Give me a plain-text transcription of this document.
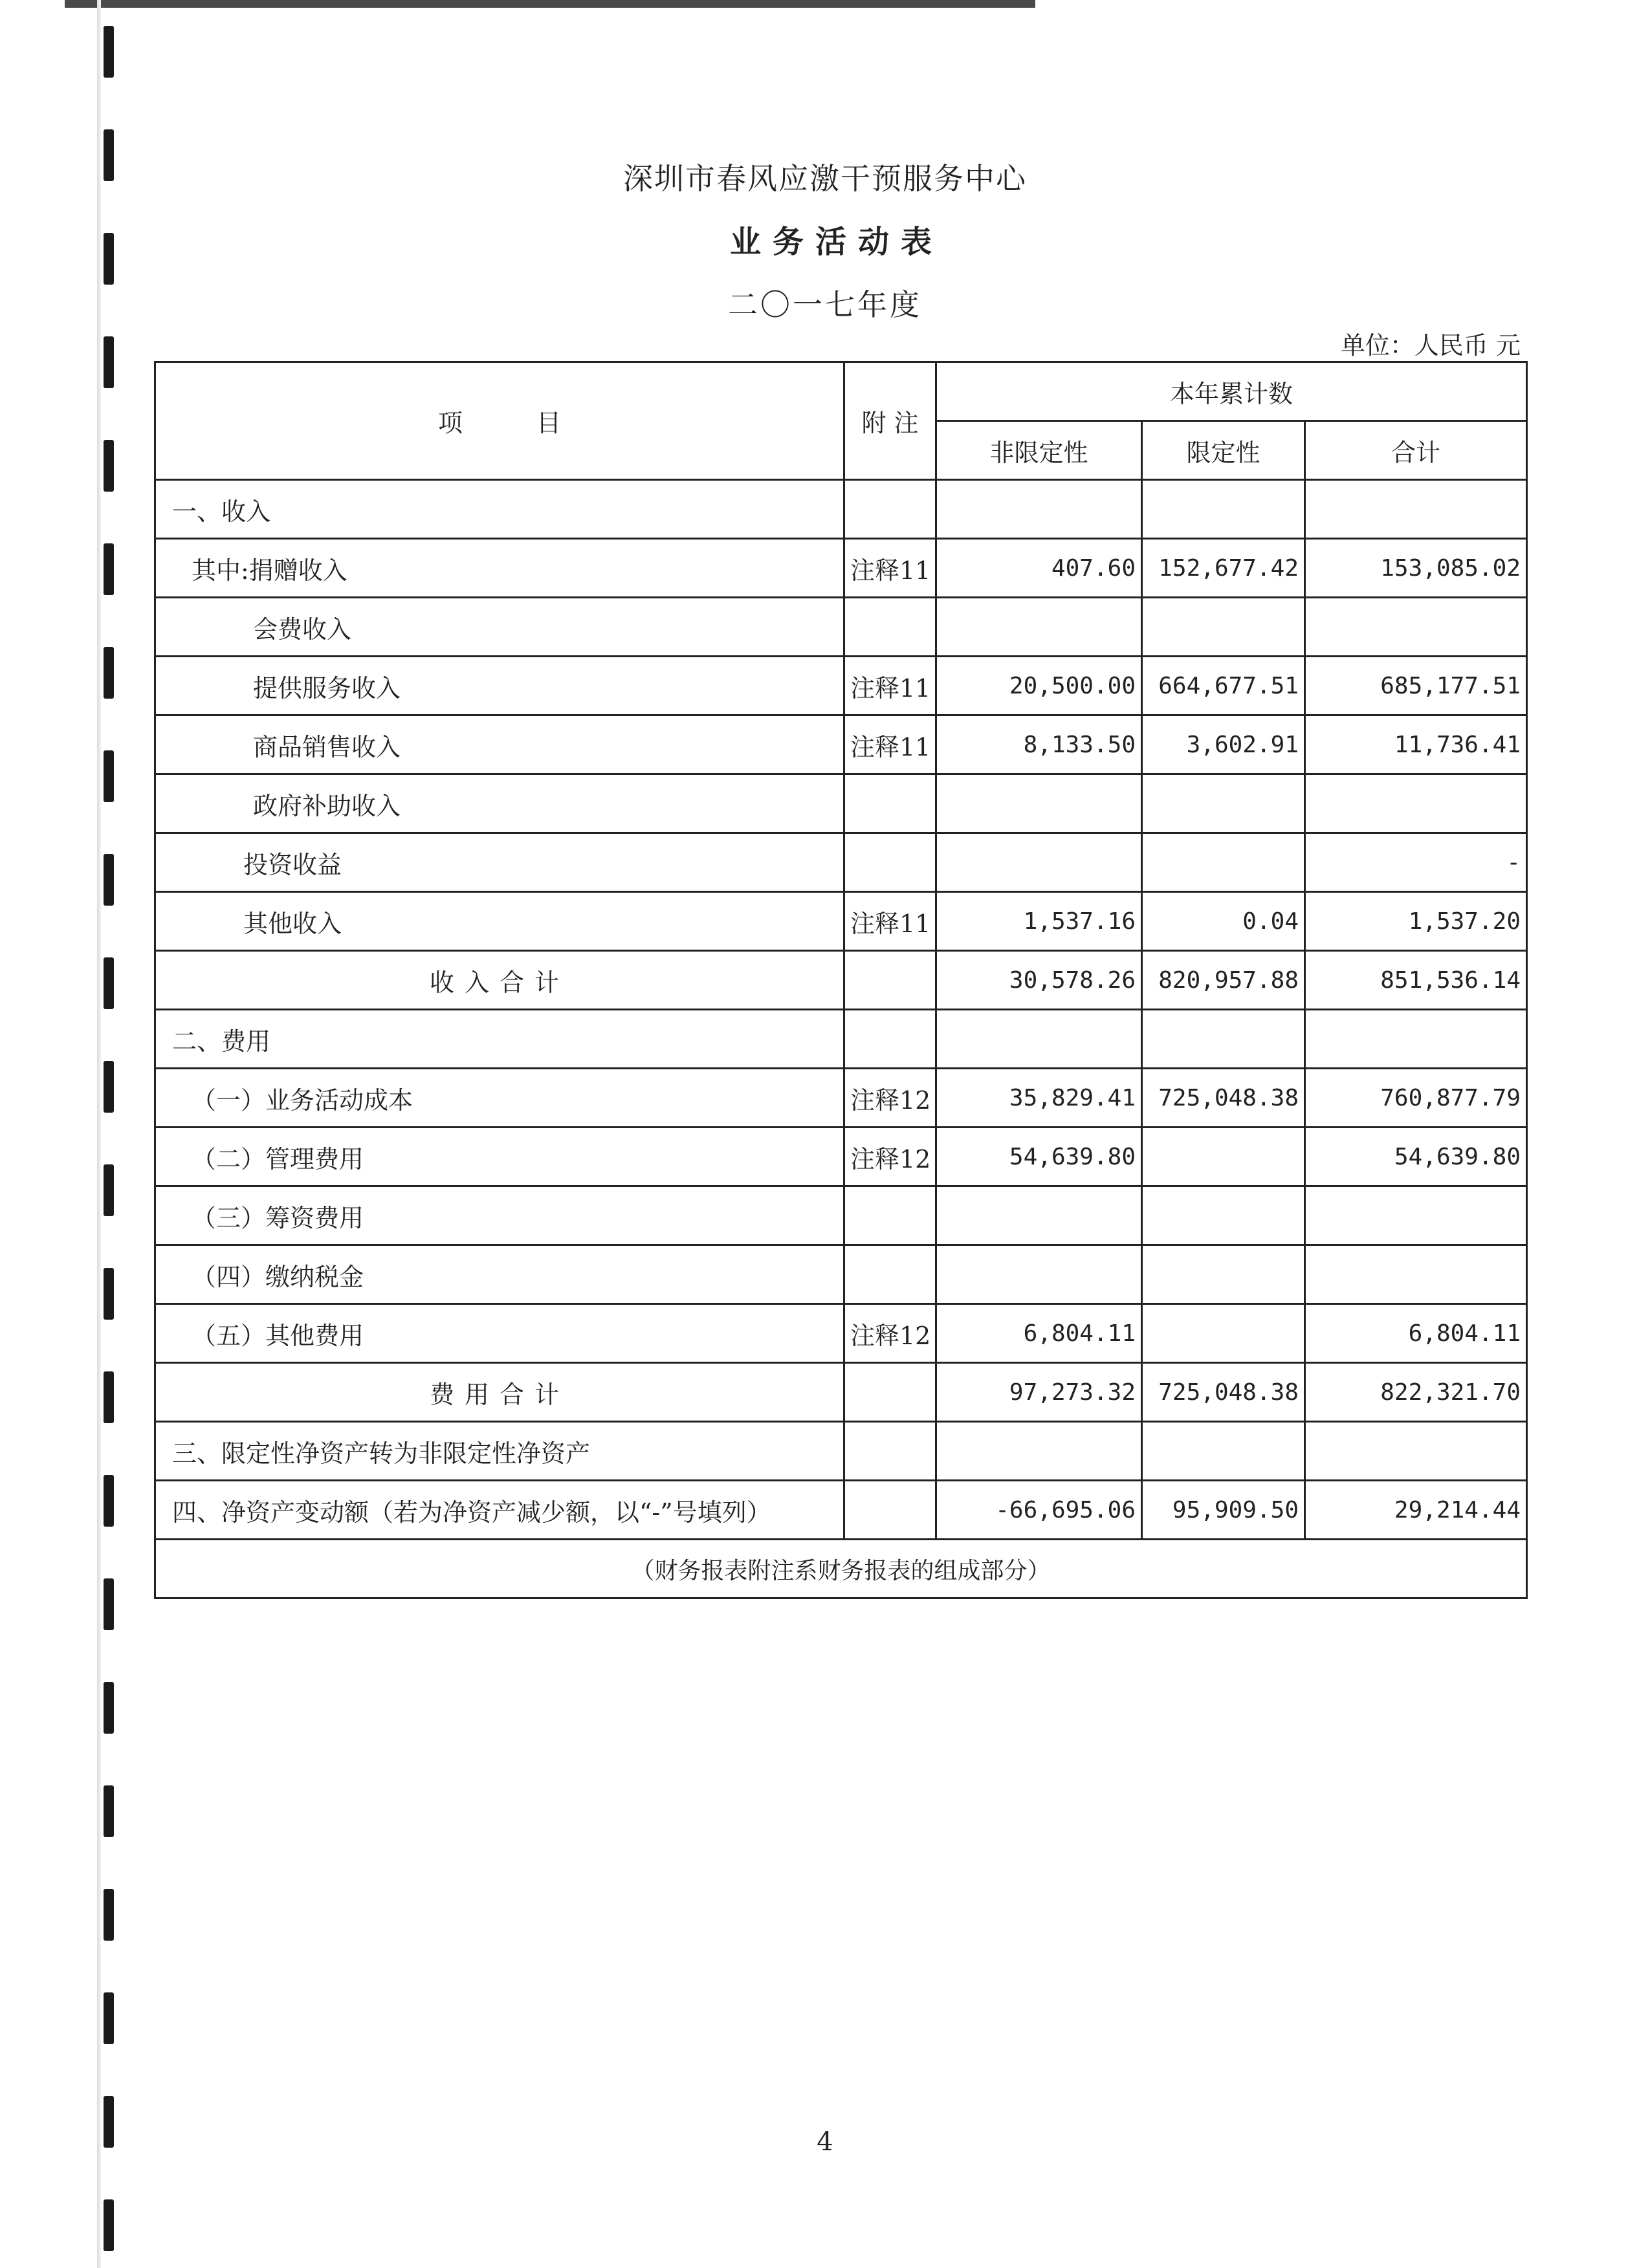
深圳市春风应激干预服务中心
业务活动表
二〇一七年度
单位：人民币 元
项　　　目	附 注	本年累计数		
		非限定性	限定性	合计
一、收入				
其中:捐赠收入	注释11	407.60	152,677.42	153,085.02
会费收入				
提供服务收入	注释11	20,500.00	664,677.51	685,177.51
商品销售收入	注释11	8,133.50	3,602.91	11,736.41
政府补助收入				
投资收益				-
其他收入	注释11	1,537.16	0.04	1,537.20
收入合计		30,578.26	820,957.88	851,536.14
二、费用				
（一）业务活动成本	注释12	35,829.41	725,048.38	760,877.79
（二）管理费用	注释12	54,639.80		54,639.80
（三）筹资费用				
（四）缴纳税金				
（五）其他费用	注释12	6,804.11		6,804.11
费用合计		97,273.32	725,048.38	822,321.70
三、限定性净资产转为非限定性净资产				
四、净资产变动额（若为净资产减少额，以“-”号填列）		-66,695.06	95,909.50	29,214.44
（财务报表附注系财务报表的组成部分）				
4
